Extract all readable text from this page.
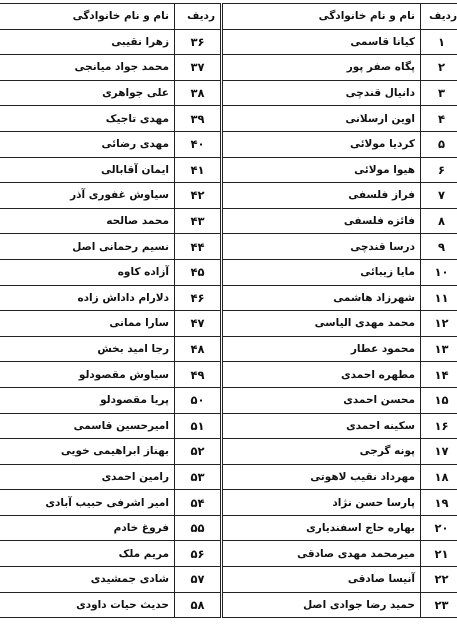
ردیف	نام و نام خانوادگی
۱	کیانا قاسمی
۲	پگاه صفر پور
۳	دانیال قندچی
۴	اوین ارسلانی
۵	کردیا مولائی
۶	هیوا مولائی
۷	فراز فلسفی
۸	فائزه فلسفی
۹	درسا قندچی
۱۰	مایا زیبائی
۱۱	شهرزاد هاشمی
۱۲	محمد مهدی الیاسی
۱۳	محمود عطار
۱۴	مطهره احمدی
۱۵	محسن احمدی
۱۶	سکینه احمدی
۱۷	پونه گرجی
۱۸	مهرداد نقیب لاهوتی
۱۹	پارسا حسن نژاد
۲۰	بهاره حاج اسفندیاری
۲۱	میرمحمد مهدی صادقی
۲۲	آنیسا صادقی
۲۳	حمید رضا جوادی اصل
ردیف	نام و نام خانوادگی
۳۶	زهرا نقیبی
۳۷	محمد جواد میانجی
۳۸	علی جواهری
۳۹	مهدی تاجیک
۴۰	مهدی رضائی
۴۱	ایمان آقابالی
۴۲	سیاوش غفوری آذر
۴۳	محمد صالحه
۴۴	نسیم رحمانی اصل
۴۵	آزاده کاوه
۴۶	دلارام داداش زاده
۴۷	سارا ممانی
۴۸	رجا امید بخش
۴۹	سیاوش مقصودلو
۵۰	پریا مقصودلو
۵۱	امیرحسین قاسمی
۵۲	بهناز ابراهیمی خویی
۵۳	رامین احمدی
۵۴	امیر اشرفی حبیب آبادی
۵۵	فروغ خادم
۵۶	مریم ملک
۵۷	شادی جمشیدی
۵۸	حدیث حیات داودی
